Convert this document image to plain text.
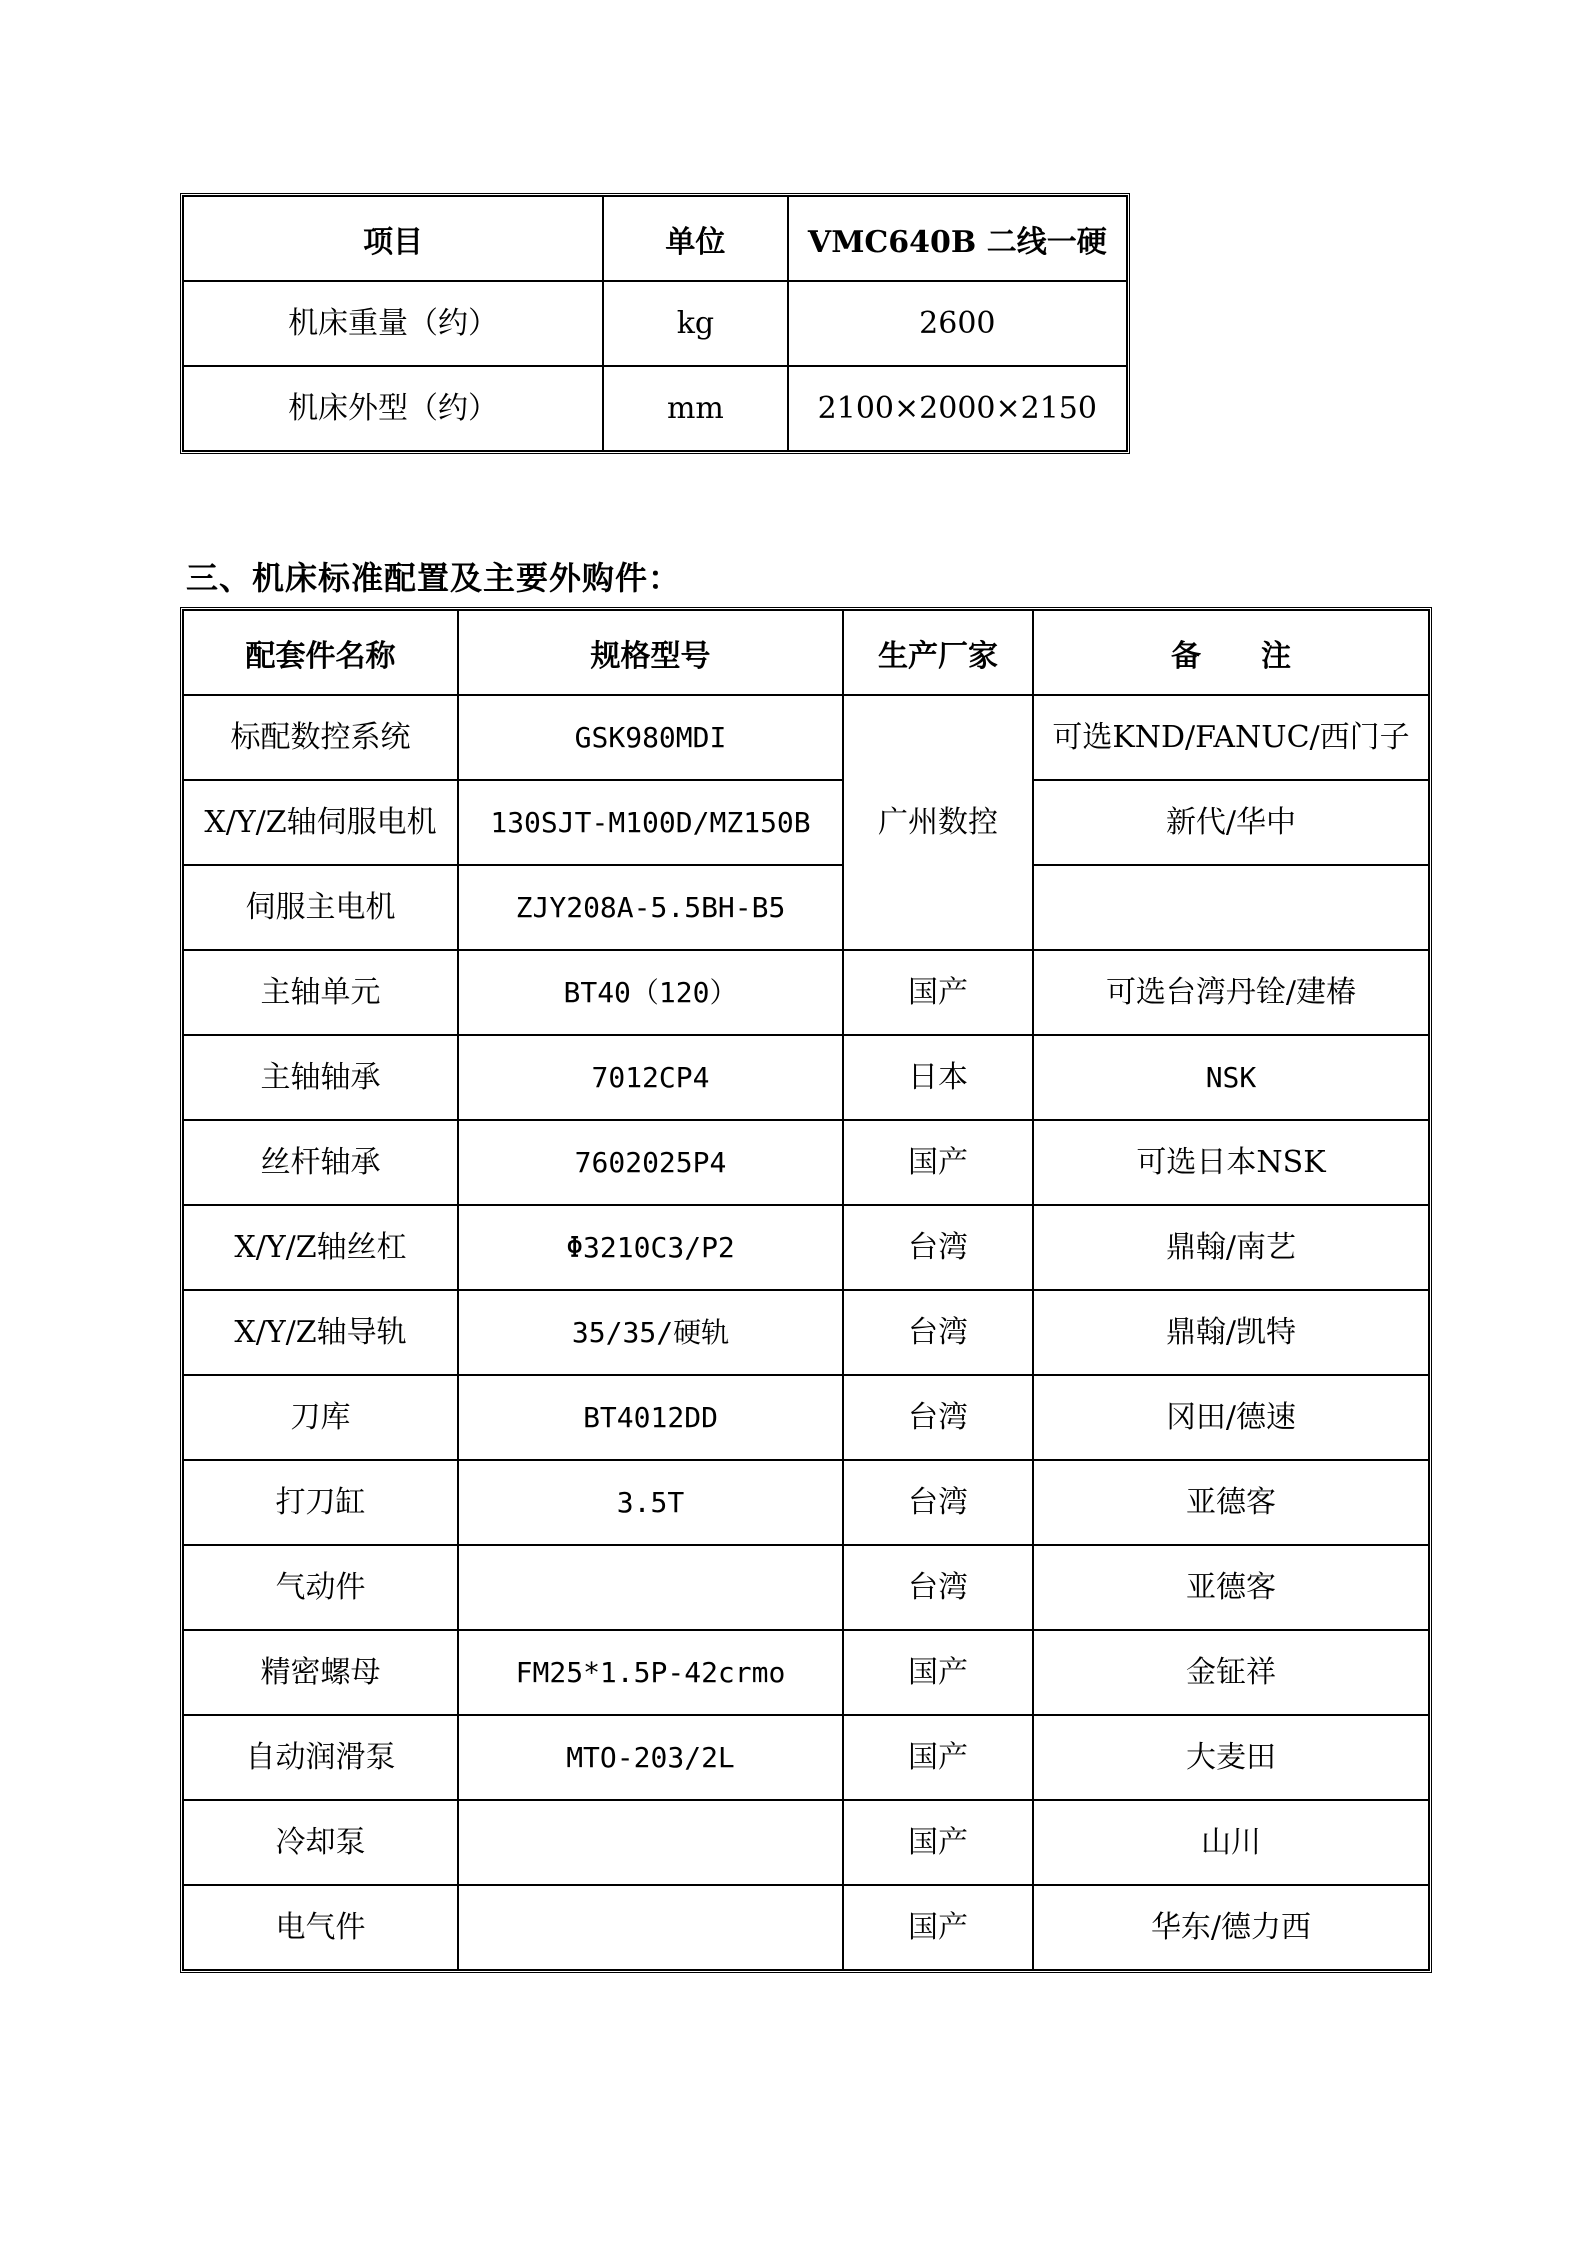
项目	单位	VMC640B 二线一硬
机床重量（约）	kg	2600
机床外型（约）	mm	2100×2000×2150
三、机床标准配置及主要外购件：
配套件名称	规格型号	生产厂家	备　　注
标配数控系统	GSK980MDI	广州数控	可选KND/FANUC/西门子
X/Y/Z轴伺服电机	130SJT-M100D/MZ150B		新代/华中
伺服主电机	ZJY208A-5.5BH-B5		
主轴单元	BT40（120）	国产	可选台湾丹铨/建椿
主轴轴承	7012CP4	日本	NSK
丝杆轴承	7602025P4	国产	可选日本NSK
X/Y/Z轴丝杠	Φ3210C3/P2	台湾	鼎翰/南艺
X/Y/Z轴导轨	35/35/硬轨	台湾	鼎翰/凯特
刀库	BT4012DD	台湾	冈田/德速
打刀缸	3.5T	台湾	亚德客
气动件		台湾	亚德客
精密螺母	FM25*1.5P-42crmo	国产	金钲祥
自动润滑泵	MTO-203/2L	国产	大麦田
冷却泵		国产	山川
电气件		国产	华东/德力西
